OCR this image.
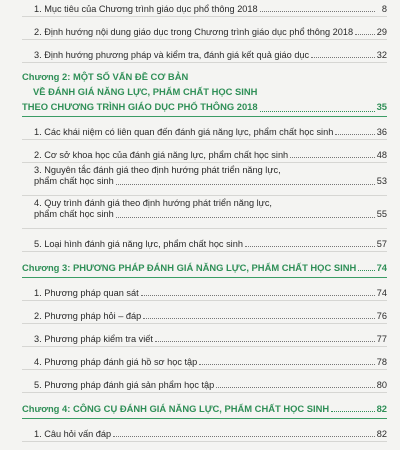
1. Mục tiêu của Chương trình giáo dục phổ thông 2018	8
2. Định hướng nội dung giáo dục trong Chương trình giáo dục phổ thông 2018	29
3. Định hướng phương pháp và kiểm tra, đánh giá kết quả giáo dục	32
Chương 2: MỘT SỐ VẤN ĐỀ CƠ BẢN
VỀ ĐÁNH GIÁ NĂNG LỰC, PHẨM CHẤT HỌC SINH
THEO CHƯƠNG TRÌNH GIÁO DỤC PHỔ THÔNG 2018	35
1. Các khái niệm có liên quan đến đánh giá năng lực, phẩm chất học sinh	36
2. Cơ sở khoa học của đánh giá năng lực, phẩm chất học sinh	48
3. Nguyên tắc đánh giá theo định hướng phát triển năng lực,
phẩm chất học sinh	53
4. Quy trình đánh giá theo định hướng phát triển năng lực,
phẩm chất học sinh	55
5. Loại hình đánh giá năng lực, phẩm chất học sinh	57
Chương 3: PHƯƠNG PHÁP ĐÁNH GIÁ NĂNG LỰC, PHẨM CHẤT HỌC SINH 74
1. Phương pháp quan sát	74
2. Phương pháp hỏi – đáp	76
3. Phương pháp kiểm tra viết	77
4. Phương pháp đánh giá hồ sơ học tập	78
5. Phương pháp đánh giá sản phẩm học tập	80
Chương 4: CÔNG CỤ ĐÁNH GIÁ NĂNG LỰC, PHẨM CHẤT HỌC SINH	82
1. Câu hỏi vấn đáp	82
